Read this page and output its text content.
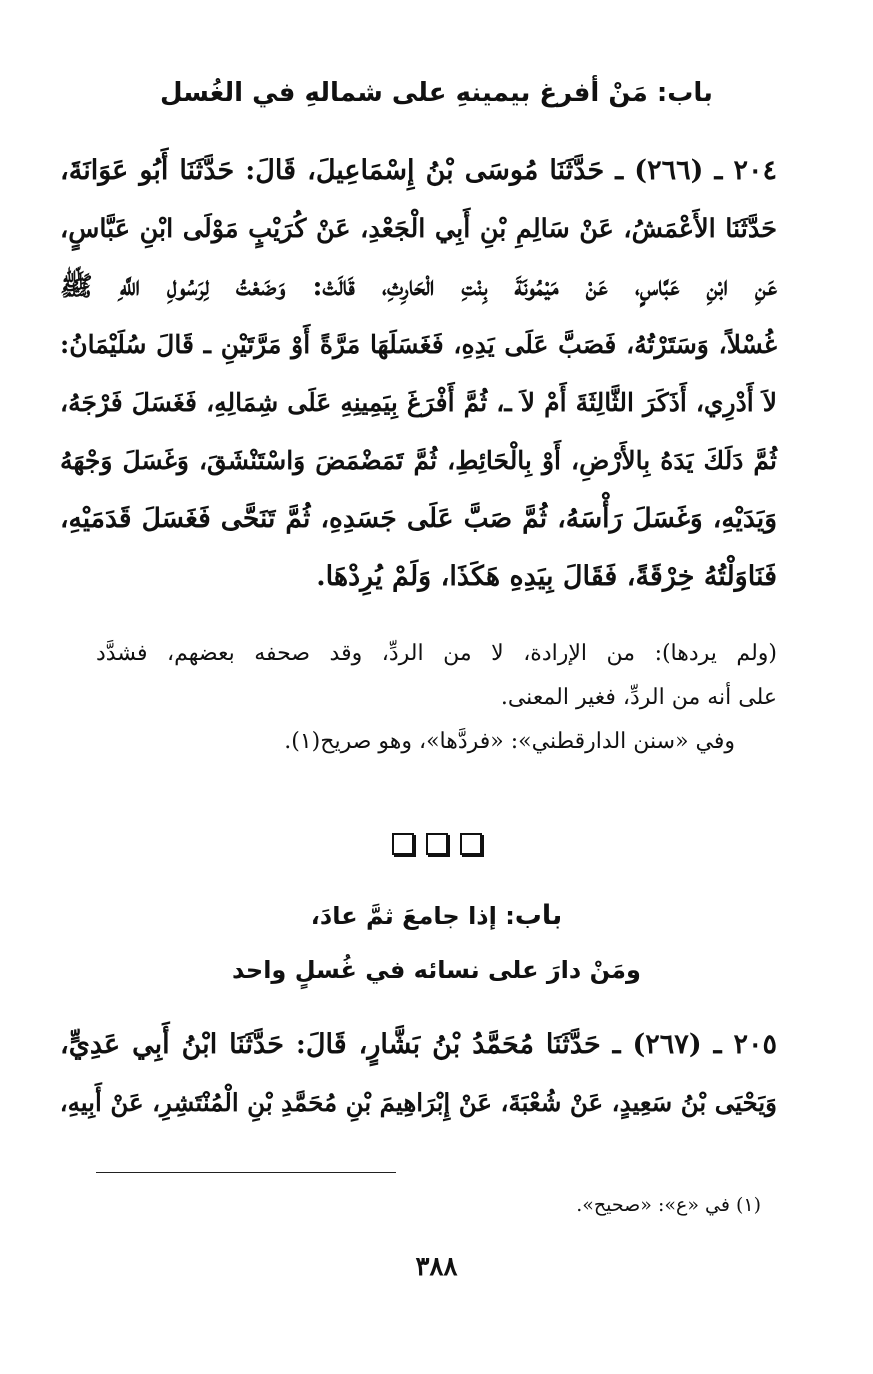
باب: مَنْ أفرغ بيمينهِ على شمالهِ في الغُسل
٢٠٤ ـ (٢٦٦) ـ حَدَّثَنَا مُوسَى بْنُ إِسْمَاعِيلَ، قَالَ: حَدَّثَنَا أَبُو عَوَانَةَ،
حَدَّثَنَا الأَعْمَشُ، عَنْ سَالِمِ بْنِ أَبِي الْجَعْدِ، عَنْ كُرَيْبٍ مَوْلَى ابْنِ عَبَّاسٍ،
عَنِ ابْنِ عَبَّاسٍ، عَنْ مَيْمُونَةَ بِنْتِ الْحَارِثِ، قَالَتْ: وَضَعْتُ لِرَسُولِ اللَّهِ ﷺ
غُسْلاً، وَسَتَرْتُهُ، فَصَبَّ عَلَى يَدِهِ، فَغَسَلَهَا مَرَّةً أَوْ مَرَّتَيْنِ ـ قَالَ سُلَيْمَانُ:
لاَ أَدْرِي، أَذَكَرَ الثَّالِثَةَ أَمْ لاَ ـ، ثُمَّ أَفْرَغَ بِيَمِينِهِ عَلَى شِمَالِهِ، فَغَسَلَ فَرْجَهُ،
ثُمَّ دَلَكَ يَدَهُ بِالأَرْضِ، أَوْ بِالْحَائِطِ، ثُمَّ تَمَضْمَضَ وَاسْتَنْشَقَ، وَغَسَلَ وَجْهَهُ
وَيَدَيْهِ، وَغَسَلَ رَأْسَهُ، ثُمَّ صَبَّ عَلَى جَسَدِهِ، ثُمَّ تَنَحَّى فَغَسَلَ قَدَمَيْهِ،
فَنَاوَلْتُهُ خِرْقَةً، فَقَالَ بِيَدِهِ هَكَذَا، وَلَمْ يُرِدْهَا.
(ولم يردها): من الإرادة، لا من الردِّ، وقد صحفه بعضهم، فشدَّد
على أنه من الردِّ، فغير المعنى.
وفي «سنن الدارقطني»: «فردَّها»، وهو صريح(١).
باب: إذا جامعَ ثمَّ عادَ،
ومَنْ دارَ على نسائه في غُسلٍ واحد
٢٠٥ ـ (٢٦٧) ـ حَدَّثَنَا مُحَمَّدُ بْنُ بَشَّارٍ، قَالَ: حَدَّثَنَا ابْنُ أَبِي عَدِيٍّ،
وَيَحْيَى بْنُ سَعِيدٍ، عَنْ شُعْبَةَ، عَنْ إِبْرَاهِيمَ بْنِ مُحَمَّدِ بْنِ الْمُنْتَشِرِ، عَنْ أَبِيهِ،
(١) في «ع»: «صحيح».
٣٨٨
